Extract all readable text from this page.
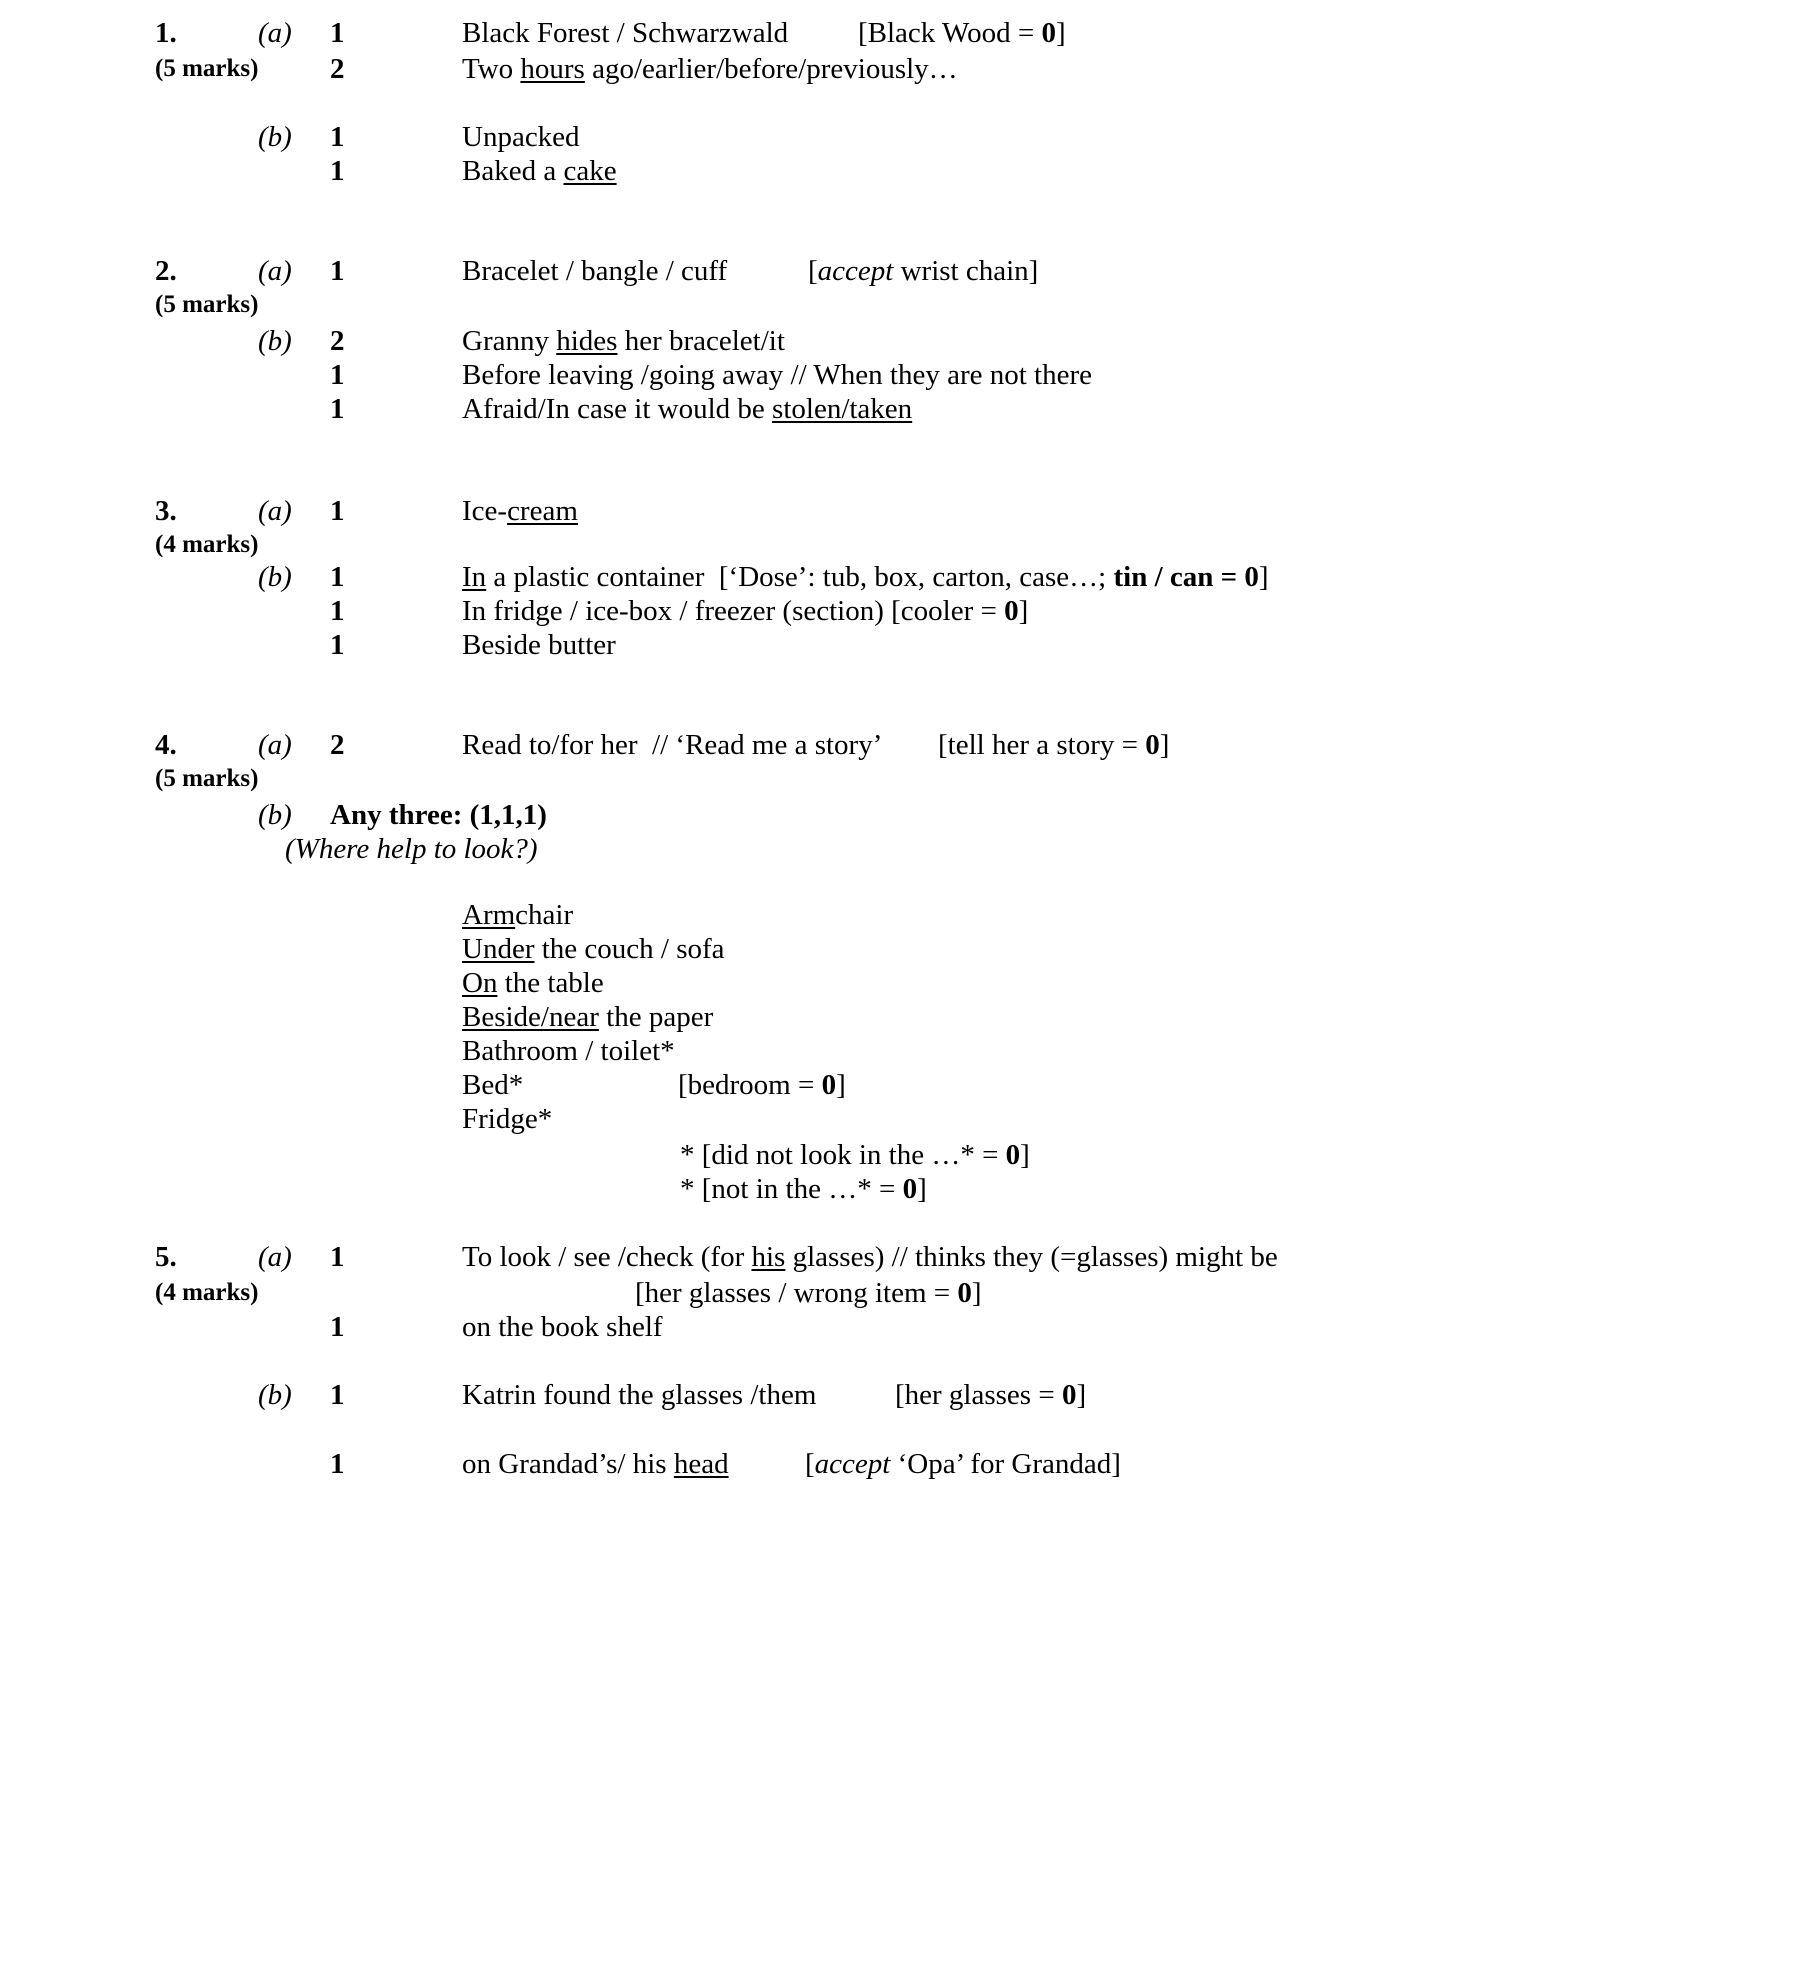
1.	(a) 1	Black Forest / Schwarzwald [Black Wood = 0]
(5 marks) 2	Two hours ago/earlier/before/previously…
(b) 1	Unpacked
1	Baked a cake
2.	(a) 1	Bracelet / bangle / cuff	[accept wrist chain]
(5 marks)
(b) 2	Granny hides her bracelet/it
1	Before leaving /going away // When they are not there
1	Afraid/In case it would be stolen/taken
3.	(a) 1	Ice-cream
(4 marks)
(b) 1	In a plastic container  [‘Dose’: tub, box, carton, case…; tin / can = 0]
1	In fridge / ice-box / freezer (section) [cooler = 0]
1	Beside butter
4.	(a) 2	Read to/for her  // ‘Read me a story’ [tell her a story = 0]
(5 marks)
(b) Any three: (1,1,1)
(Where help to look?)
Armchair
Under the couch / sofa
On the table
Beside/near the paper
Bathroom / toilet*
Bed*	[bedroom = 0]
Fridge*
* [did not look in the …* = 0]
* [not in the …* = 0]
5.	(a) 1	To look / see /check (for his glasses) // thinks they (=glasses) might be
(4 marks)	[her glasses / wrong item = 0]
1	on the book shelf
(b) 1	Katrin found the glasses /them	[her glasses = 0]
1	on Grandad’s/ his head	[accept ‘Opa’ for Grandad]
